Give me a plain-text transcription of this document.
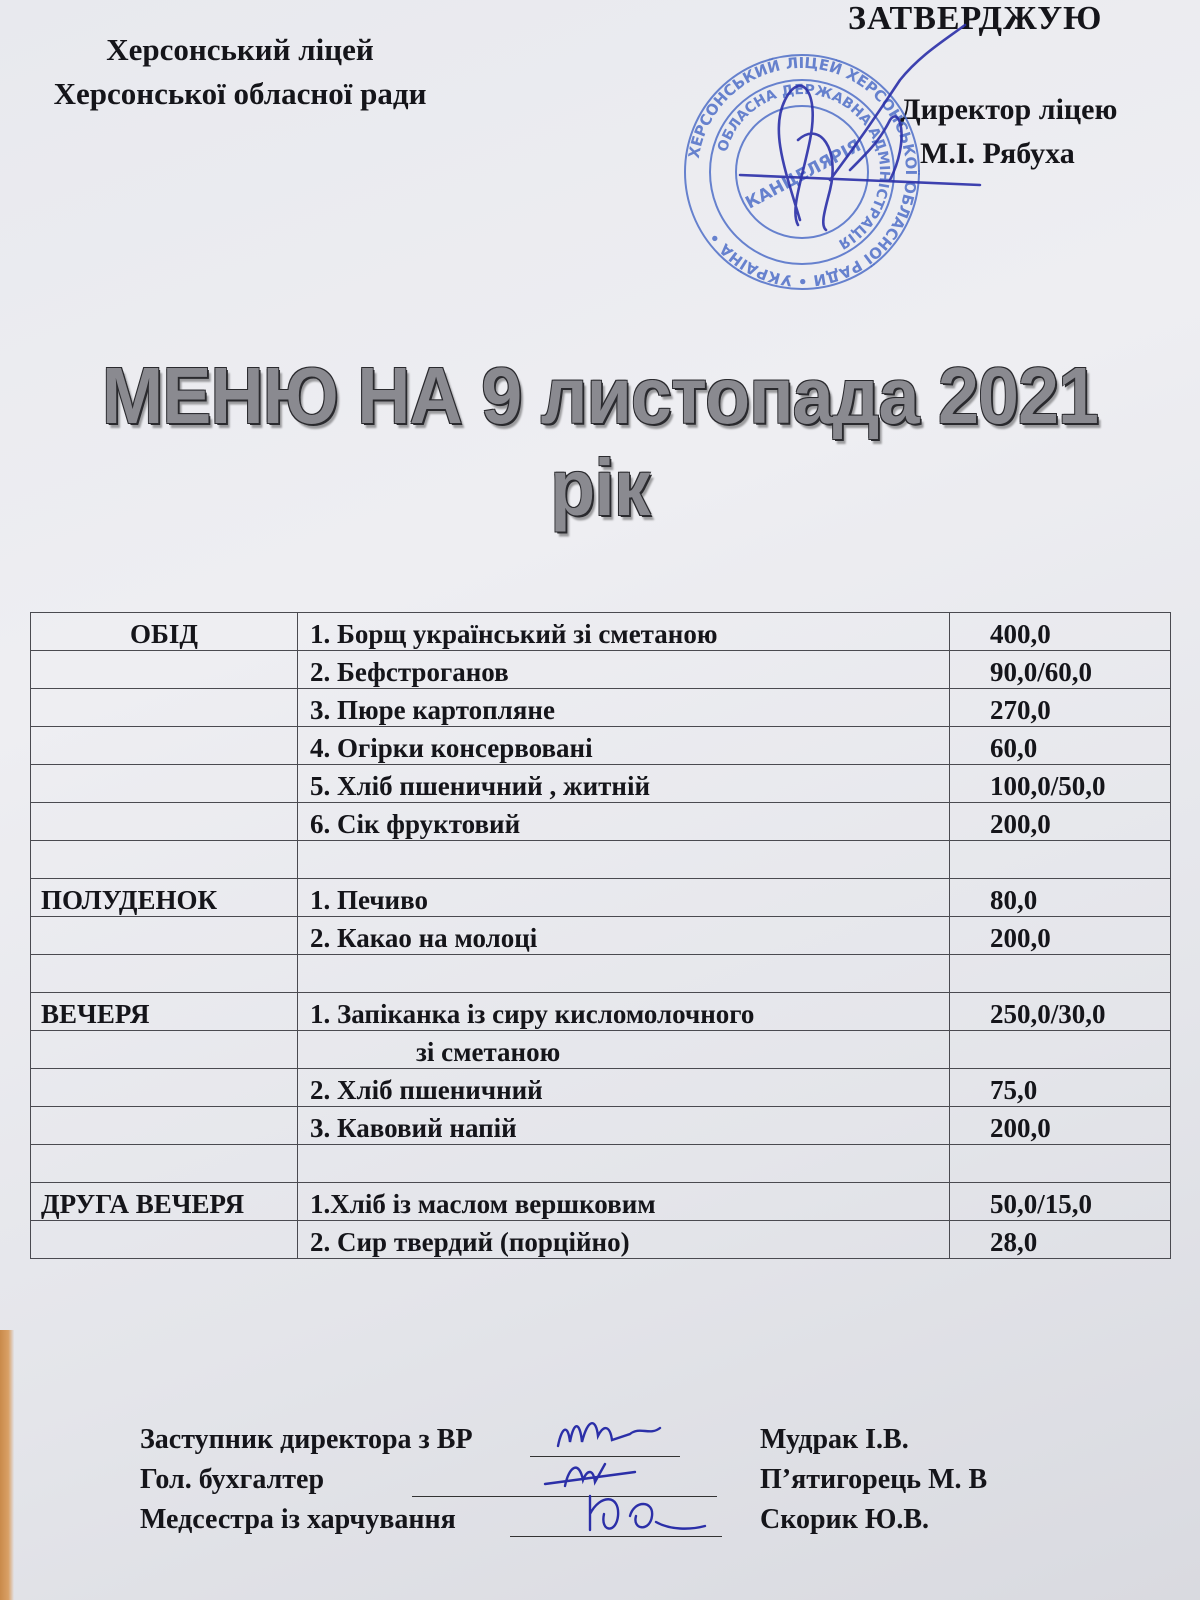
Херсонський ліцей
Херсонської обласної ради
ЗАТВЕРДЖУЮ
Директор ліцею
М.І. Рябуха
ХЕРСОНСЬКИЙ ЛІЦЕЙ ХЕРСОНСЬКОЇ ОБЛАСНОЇ РАДИ • УКРАЇНА •
ОБЛАСНА ДЕРЖАВНА АДМІНІСТРАЦІЯ
КАНЦЕЛЯРІЯ
МЕНЮ НА 9 листопада 2021 рік
ОБІД	1. Борщ український зі сметаною	400,0
	2. Бефстроганов	90,0/60,0
	3. Пюре картопляне	270,0
	4. Огірки консервовані	60,0
	5. Хліб пшеничний , житній	100,0/50,0
	6. Сік фруктовий	200,0

ПОЛУДЕНОК	1. Печиво	80,0
	2. Какао на молоці	200,0

ВЕЧЕРЯ	1. Запіканка із сиру кисломолочного	250,0/30,0
	зі сметаною	
	2. Хліб пшеничний	75,0
	3. Кавовий напій	200,0

ДРУГА ВЕЧЕРЯ	1.Хліб із маслом вершковим	50,0/15,0
	2. Сир твердий (порційно)	28,0
Заступник директора з ВР	Мудрак І.В.
Гол. бухгалтер	П’ятигорець М. В
Медсестра із харчування	Скорик Ю.В.
